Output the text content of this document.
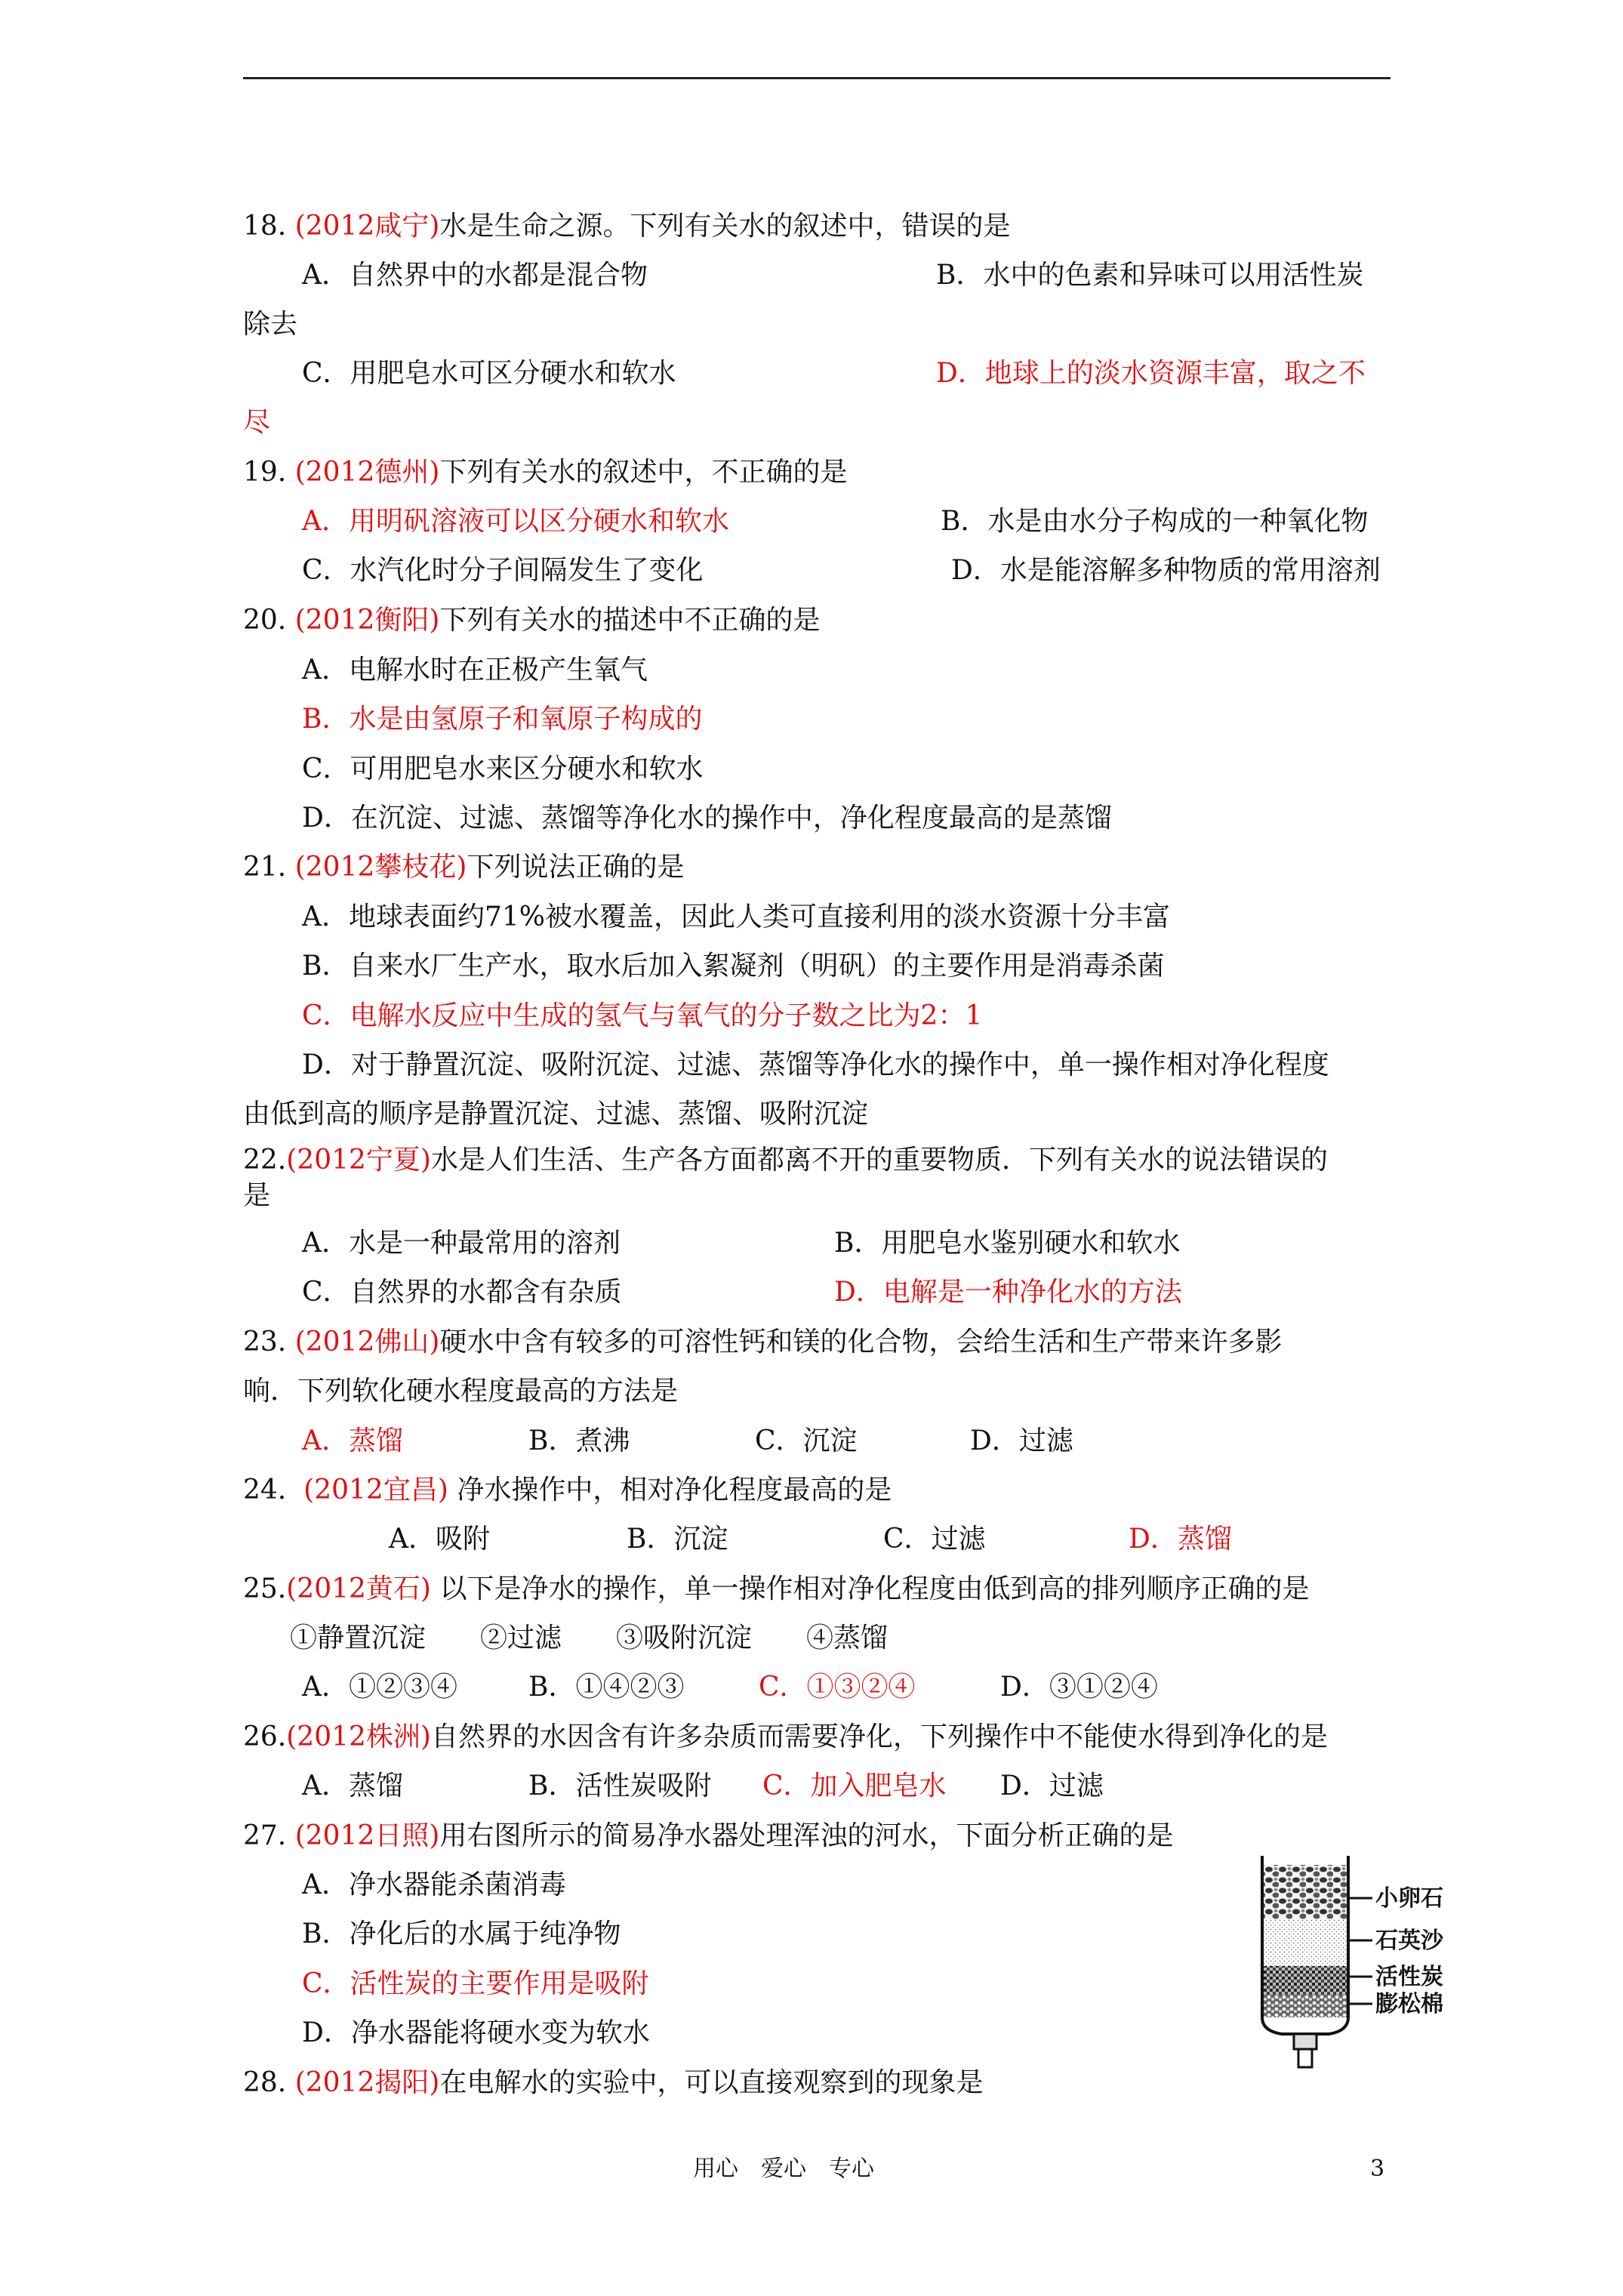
18. (2012咸宁)水是生命之源。下列有关水的叙述中，错误的是
A．自然界中的水都是混合物	B．水中的色素和异味可以用活性炭
除去
C．用肥皂水可区分硬水和软水	D．地球上的淡水资源丰富，取之不
尽
19. (2012德州)下列有关水的叙述中，不正确的是
A．用明矾溶液可以区分硬水和软水	B．水是由水分子构成的一种氧化物
C．水汽化时分子间隔发生了变化	D．水是能溶解多种物质的常用溶剂
20. (2012衡阳)下列有关水的描述中不正确的是
A．电解水时在正极产生氧气
B．水是由氢原子和氧原子构成的
C．可用肥皂水来区分硬水和软水
D．在沉淀、过滤、蒸馏等净化水的操作中，净化程度最高的是蒸馏
21. (2012攀枝花)下列说法正确的是
A．地球表面约71%被水覆盖，因此人类可直接利用的淡水资源十分丰富
B．自来水厂生产水，取水后加入絮凝剂（明矾）的主要作用是消毒杀菌
C．电解水反应中生成的氢气与氧气的分子数之比为2：1
D．对于静置沉淀、吸附沉淀、过滤、蒸馏等净化水的操作中，单一操作相对净化程度
由低到高的顺序是静置沉淀、过滤、蒸馏、吸附沉淀
22.(2012宁夏)水是人们生活、生产各方面都离不开的重要物质．下列有关水的说法错误的
是
A．水是一种最常用的溶剂	B．用肥皂水鉴别硬水和软水
C．自然界的水都含有杂质	D．电解是一种净化水的方法
23. (2012佛山)硬水中含有较多的可溶性钙和镁的化合物，会给生活和生产带来许多影
响．下列软化硬水程度最高的方法是
A．蒸馏	B．煮沸	C．沉淀	D．过滤
24. (2012宜昌) 净水操作中，相对净化程度最高的是
A．吸附	B．沉淀	C．过滤	D．蒸馏
25.(2012黄石) 以下是净水的操作，单一操作相对净化程度由低到高的排列顺序正确的是
①静置沉淀　　②过滤　　③吸附沉淀　　④蒸馏
A．①②③④	B．①④②③	C．①③②④	D．③①②④
26.(2012株洲)自然界的水因含有许多杂质而需要净化，下列操作中不能使水得到净化的是
A．蒸馏	B．活性炭吸附 C．加入肥皂水 D．过滤
27. (2012日照)用右图所示的简易净水器处理浑浊的河水，下面分析正确的是
A．净水器能杀菌消毒
B．净化后的水属于纯净物
C．活性炭的主要作用是吸附
D．净水器能将硬水变为软水
小卵石
石英沙
活性炭
膨松棉
28. (2012揭阳)在电解水的实验中，可以直接观察到的现象是
用心　爱心　专心	3
